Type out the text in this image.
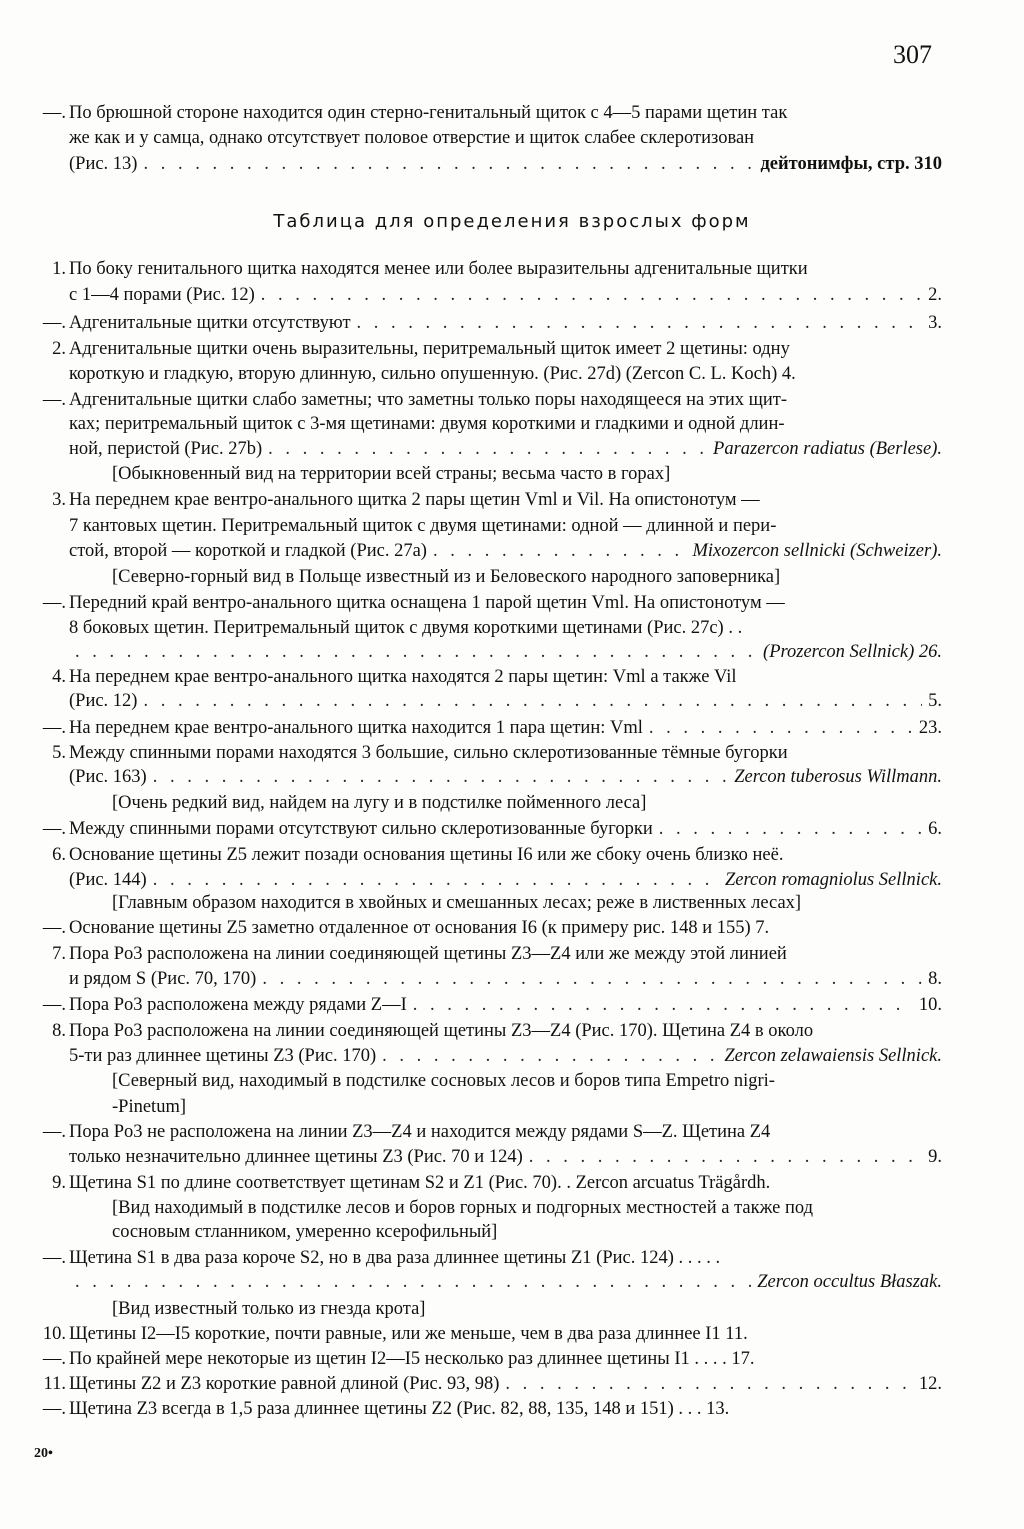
307
—. По брюшной стороне находится один стерно-генитальный щиток с 4—5 парами щетин так
же как и у самца, однако отсутствует половое отверстие и щиток слабее склеротизован
(Рис. 13) . . .	дейтонимфы, стр. 310
Таблица для определения взрослых форм
1. По боку генитального щитка находятся менее или более выразительны адгенитальные щитки
с 1—4 порами (Рис. 12) . . .	2.
—. Адгенитальные щитки отсутствуют . . .	3.
2. Адгенитальные щитки очень выразительны, перитремальный щиток имеет 2 щетины: одну
короткую и гладкую, вторую длинную, сильно опушенную. (Рис. 27d) (Zercon C. L. Koch) 4.
—. Адгенитальные щитки слабо заметны; что заметны только поры находящееся на этих щит-
ках; перитремальный щиток с 3-мя щетинами: двумя короткими и гладкими и одной длин-
ной, перистой (Рис. 27b) . . .	Parazercon radiatus (Berlese).
[Обыкновенный вид на территории всей страны; весьма часто в горах]
3. На переднем крае вентро-анального щитка 2 пары щетин Vml и Vil. На опистонотум —
7 кантовых щетин. Перитремальный щиток с двумя щетинами: одной — длинной и пери-
стой, второй — короткой и гладкой (Рис. 27a) . . .	Mixozercon sellnicki (Schweizer).
[Северно-горный вид в Польще известный из и Беловеского народного заповерника]
—. Передний край вентро-анального щитка оснащена 1 парой щетин Vml. На опистонотум —
8 боковых щетин. Перитремальный щиток с двумя короткими щетинами (Рис. 27c) . .
. . .
(Prozercon Sellnick) 26.
4. На переднем крае вентро-анального щитка находятся 2 пары щетин: Vml а также Vil
(Рис. 12) . . .	5.
—. На переднем крае вентро-анального щитка находится 1 пара щетин: Vml . . .	23.
5. Между спинными порами находятся 3 большие, сильно склеротизованные тёмные бугорки
(Рис. 163) . . .	Zercon tuberosus Willmann.
[Очень редкий вид, найдем на лугу и в подстилке пойменного леса]
—. Между спинными порами отсутствуют сильно склеротизованные бугорки . . .	6.
6. Основание щетины Z5 лежит позади основания щетины I6 или же сбоку очень близко неё.
(Рис. 144) . . .	Zercon romagniolus Sellnick.
[Главным образом находится в хвойных и смешанных лесах; реже в лиственных лесах]
—. Основание щетины Z5 заметно отдаленное от основания I6 (к примеру рис. 148 и 155) 7.
7. Пора Po3 расположена на линии соединяющей щетины Z3—Z4 или же между этой линией
и рядом S (Рис. 70, 170) . . .	8.
—. Пора Po3 расположена между рядами Z—I . . .	10.
8. Пора Po3 расположена на линии соединяющей щетины Z3—Z4 (Рис. 170). Щетина Z4 в около
5-ти раз длиннее щетины Z3 (Рис. 170) . . .	Zercon zelawaiensis Sellnick.
[Северный вид, находимый в подстилке сосновых лесов и боров типа Empetro nigri-
-Pinetum]
—. Пора Po3 не расположена на линии Z3—Z4 и находится между рядами S—Z. Щетина Z4
только незначительно длиннее щетины Z3 (Рис. 70 и 124) . . .	9.
9. Щетина S1 по длине соответствует щетинам S2 и Z1 (Рис. 70). . Zercon arcuatus Trägårdh.
[Вид находимый в подстилке лесов и боров горных и подгорных местностей а также под
сосновым стланником, умеренно ксерофильный]
—. Щетина S1 в два раза короче S2, но в два раза длиннее щетины Z1 (Рис. 124) . . . . .
. . .
Zercon occultus Błaszak.
[Вид известный только из гнезда крота]
10. Щетины I2—I5 короткие, почти равные, или же меньше, чем в два раза длиннее I1 11.
—. По крайней мере некоторые из щетин I2—I5 несколько раз длиннее щетины I1 . . . . 17.
11. Щетины Z2 и Z3 короткие равной длиной (Рис. 93, 98) . . .	12.
—. Щетина Z3 всегда в 1,5 раза длиннее щетины Z2 (Рис. 82, 88, 135, 148 и 151) . . . 13.
20•
